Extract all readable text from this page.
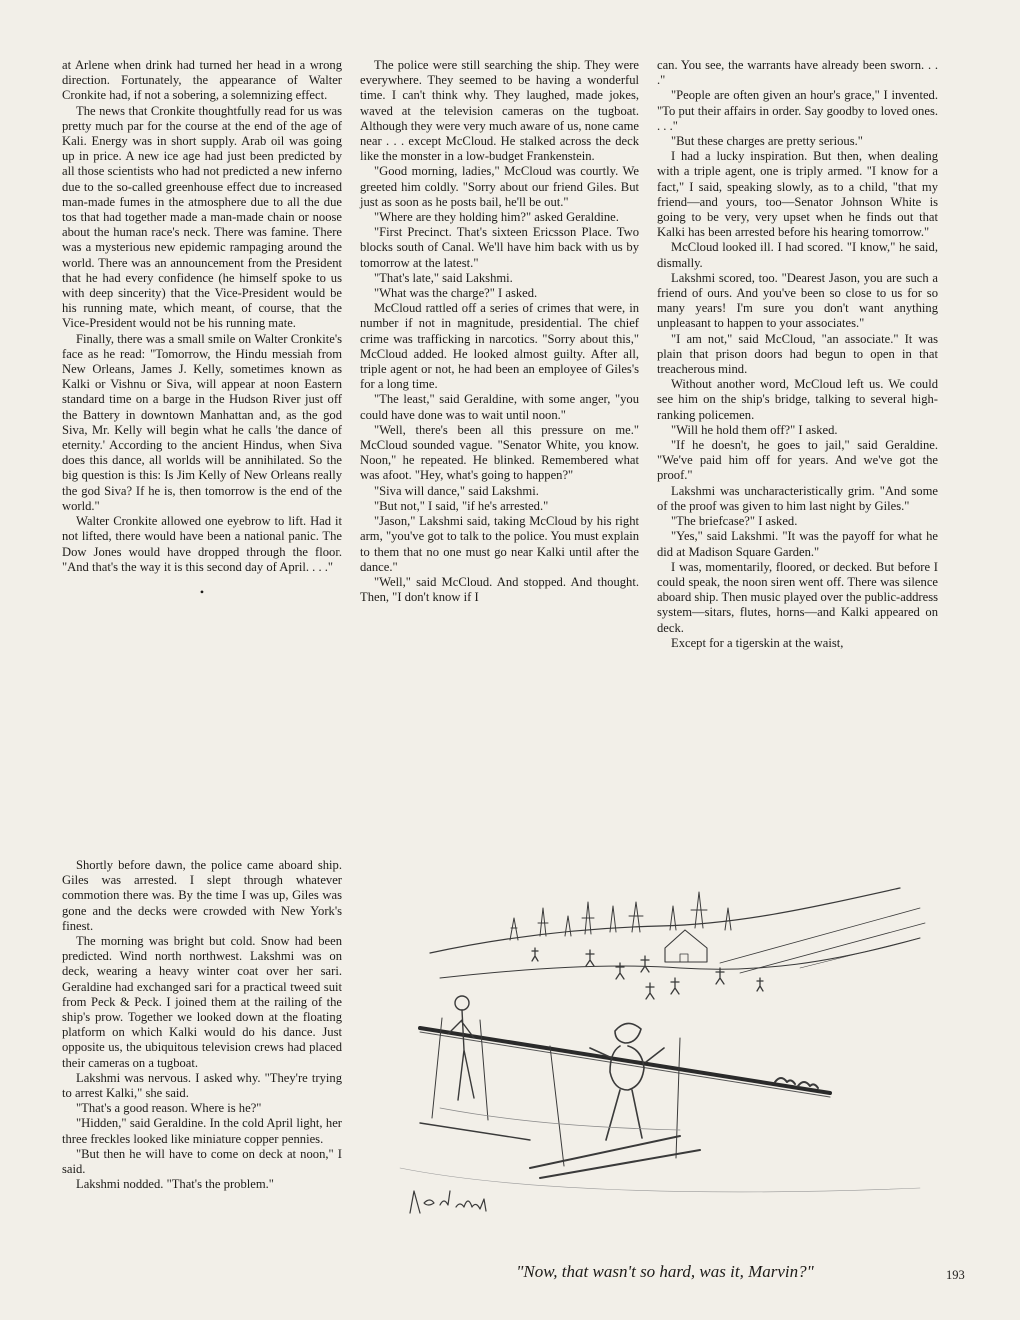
at Arlene when drink had turned her head in a wrong direction. Fortunately, the appearance of Walter Cronkite had, if not a sobering, a solemnizing effect.

The news that Cronkite thoughtfully read for us was pretty much par for the course at the end of the age of Kali. Energy was in short supply. Arab oil was going up in price. A new ice age had just been predicted by all those scientists who had not predicted a new inferno due to the so-called greenhouse effect due to increased man-made fumes in the atmosphere due to all the due tos that had together made a man-made chain or noose about the human race's neck. There was famine. There was a mysterious new epidemic rampaging around the world. There was an announcement from the President that he had every confidence (he himself spoke to us with deep sincerity) that the Vice-President would be his running mate, which meant, of course, that the Vice-President would not be his running mate.

Finally, there was a small smile on Walter Cronkite's face as he read: "Tomorrow, the Hindu messiah from New Orleans, James J. Kelly, sometimes known as Kalki or Vishnu or Siva, will appear at noon Eastern standard time on a barge in the Hudson River just off the Battery in downtown Manhattan and, as the god Siva, Mr. Kelly will begin what he calls 'the dance of eternity.' According to the ancient Hindus, when Siva does this dance, all worlds will be annihilated. So the big question is this: Is Jim Kelly of New Orleans really the god Siva? If he is, then tomorrow is the end of the world."

Walter Cronkite allowed one eyebrow to lift. Had it not lifted, there would have been a national panic. The Dow Jones would have dropped through the floor. "And that's the way it is this second day of April. . . ."

•

Shortly before dawn, the police came aboard ship. Giles was arrested. I slept through whatever commotion there was. By the time I was up, Giles was gone and the decks were crowded with New York's finest.

The morning was bright but cold. Snow had been predicted. Wind north northwest. Lakshmi was on deck, wearing a heavy winter coat over her sari. Geraldine had exchanged sari for a practical tweed suit from Peck & Peck. I joined them at the railing of the ship's prow. Together we looked down at the floating platform on which Kalki would do his dance. Just opposite us, the ubiquitous television crews had placed their cameras on a tugboat.

Lakshmi was nervous. I asked why. "They're trying to arrest Kalki," she said.

"That's a good reason. Where is he?"

"Hidden," said Geraldine. In the cold April light, her three freckles looked like miniature copper pennies.

"But then he will have to come on deck at noon," I said.

Lakshmi nodded. "That's the problem."

The police were still searching the ship. They were everywhere. They seemed to be having a wonderful time. I can't think why. They laughed, made jokes, waved at the television cameras on the tugboat. Although they were very much aware of us, none came near . . . except McCloud. He stalked across the deck like the monster in a low-budget Frankenstein.

"Good morning, ladies," McCloud was courtly. We greeted him coldly. "Sorry about our friend Giles. But just as soon as he posts bail, he'll be out."

"Where are they holding him?" asked Geraldine.

"First Precinct. That's sixteen Ericsson Place. Two blocks south of Canal. We'll have him back with us by tomorrow at the latest."

"That's late," said Lakshmi.

"What was the charge?" I asked.

McCloud rattled off a series of crimes that were, in number if not in magnitude, presidential. The chief crime was trafficking in narcotics. "Sorry about this," McCloud added. He looked almost guilty. After all, triple agent or not, he had been an employee of Giles's for a long time.

"The least," said Geraldine, with some anger, "you could have done was to wait until noon."

"Well, there's been all this pressure on me." McCloud sounded vague. "Senator White, you know. Noon," he repeated. He blinked. Remembered what was afoot. "Hey, what's going to happen?"

"Siva will dance," said Lakshmi.

"But not," I said, "if he's arrested."

"Jason," Lakshmi said, taking McCloud by his right arm, "you've got to talk to the police. You must explain to them that no one must go near Kalki until after the dance."

"Well," said McCloud. And stopped. And thought. Then, "I don't know if I

can. You see, the warrants have already been sworn. . . ."

"People are often given an hour's grace," I invented. "To put their affairs in order. Say goodby to loved ones. . . ."

"But these charges are pretty serious."

I had a lucky inspiration. But then, when dealing with a triple agent, one is triply armed. "I know for a fact," I said, speaking slowly, as to a child, "that my friend—and yours, too—Senator Johnson White is going to be very, very upset when he finds out that Kalki has been arrested before his hearing tomorrow."

McCloud looked ill. I had scored. "I know," he said, dismally.

Lakshmi scored, too. "Dearest Jason, you are such a friend of ours. And you've been so close to us for so many years! I'm sure you don't want anything unpleasant to happen to your associates."

"I am not," said McCloud, "an associate." It was plain that prison doors had begun to open in that treacherous mind.

Without another word, McCloud left us. We could see him on the ship's bridge, talking to several high-ranking policemen.

"Will he hold them off?" I asked.

"If he doesn't, he goes to jail," said Geraldine. "We've paid him off for years. And we've got the proof."

Lakshmi was uncharacteristically grim. "And some of the proof was given to him last night by Giles."

"The briefcase?" I asked.

"Yes," said Lakshmi. "It was the payoff for what he did at Madison Square Garden."

I was, momentarily, floored, or decked. But before I could speak, the noon siren went off. There was silence aboard ship. Then music played over the public-address system—sitars, flutes, horns—and Kalki appeared on deck.

Except for a tigerskin at the waist,

"Now, that wasn't so hard, was it, Marvin?"	193
